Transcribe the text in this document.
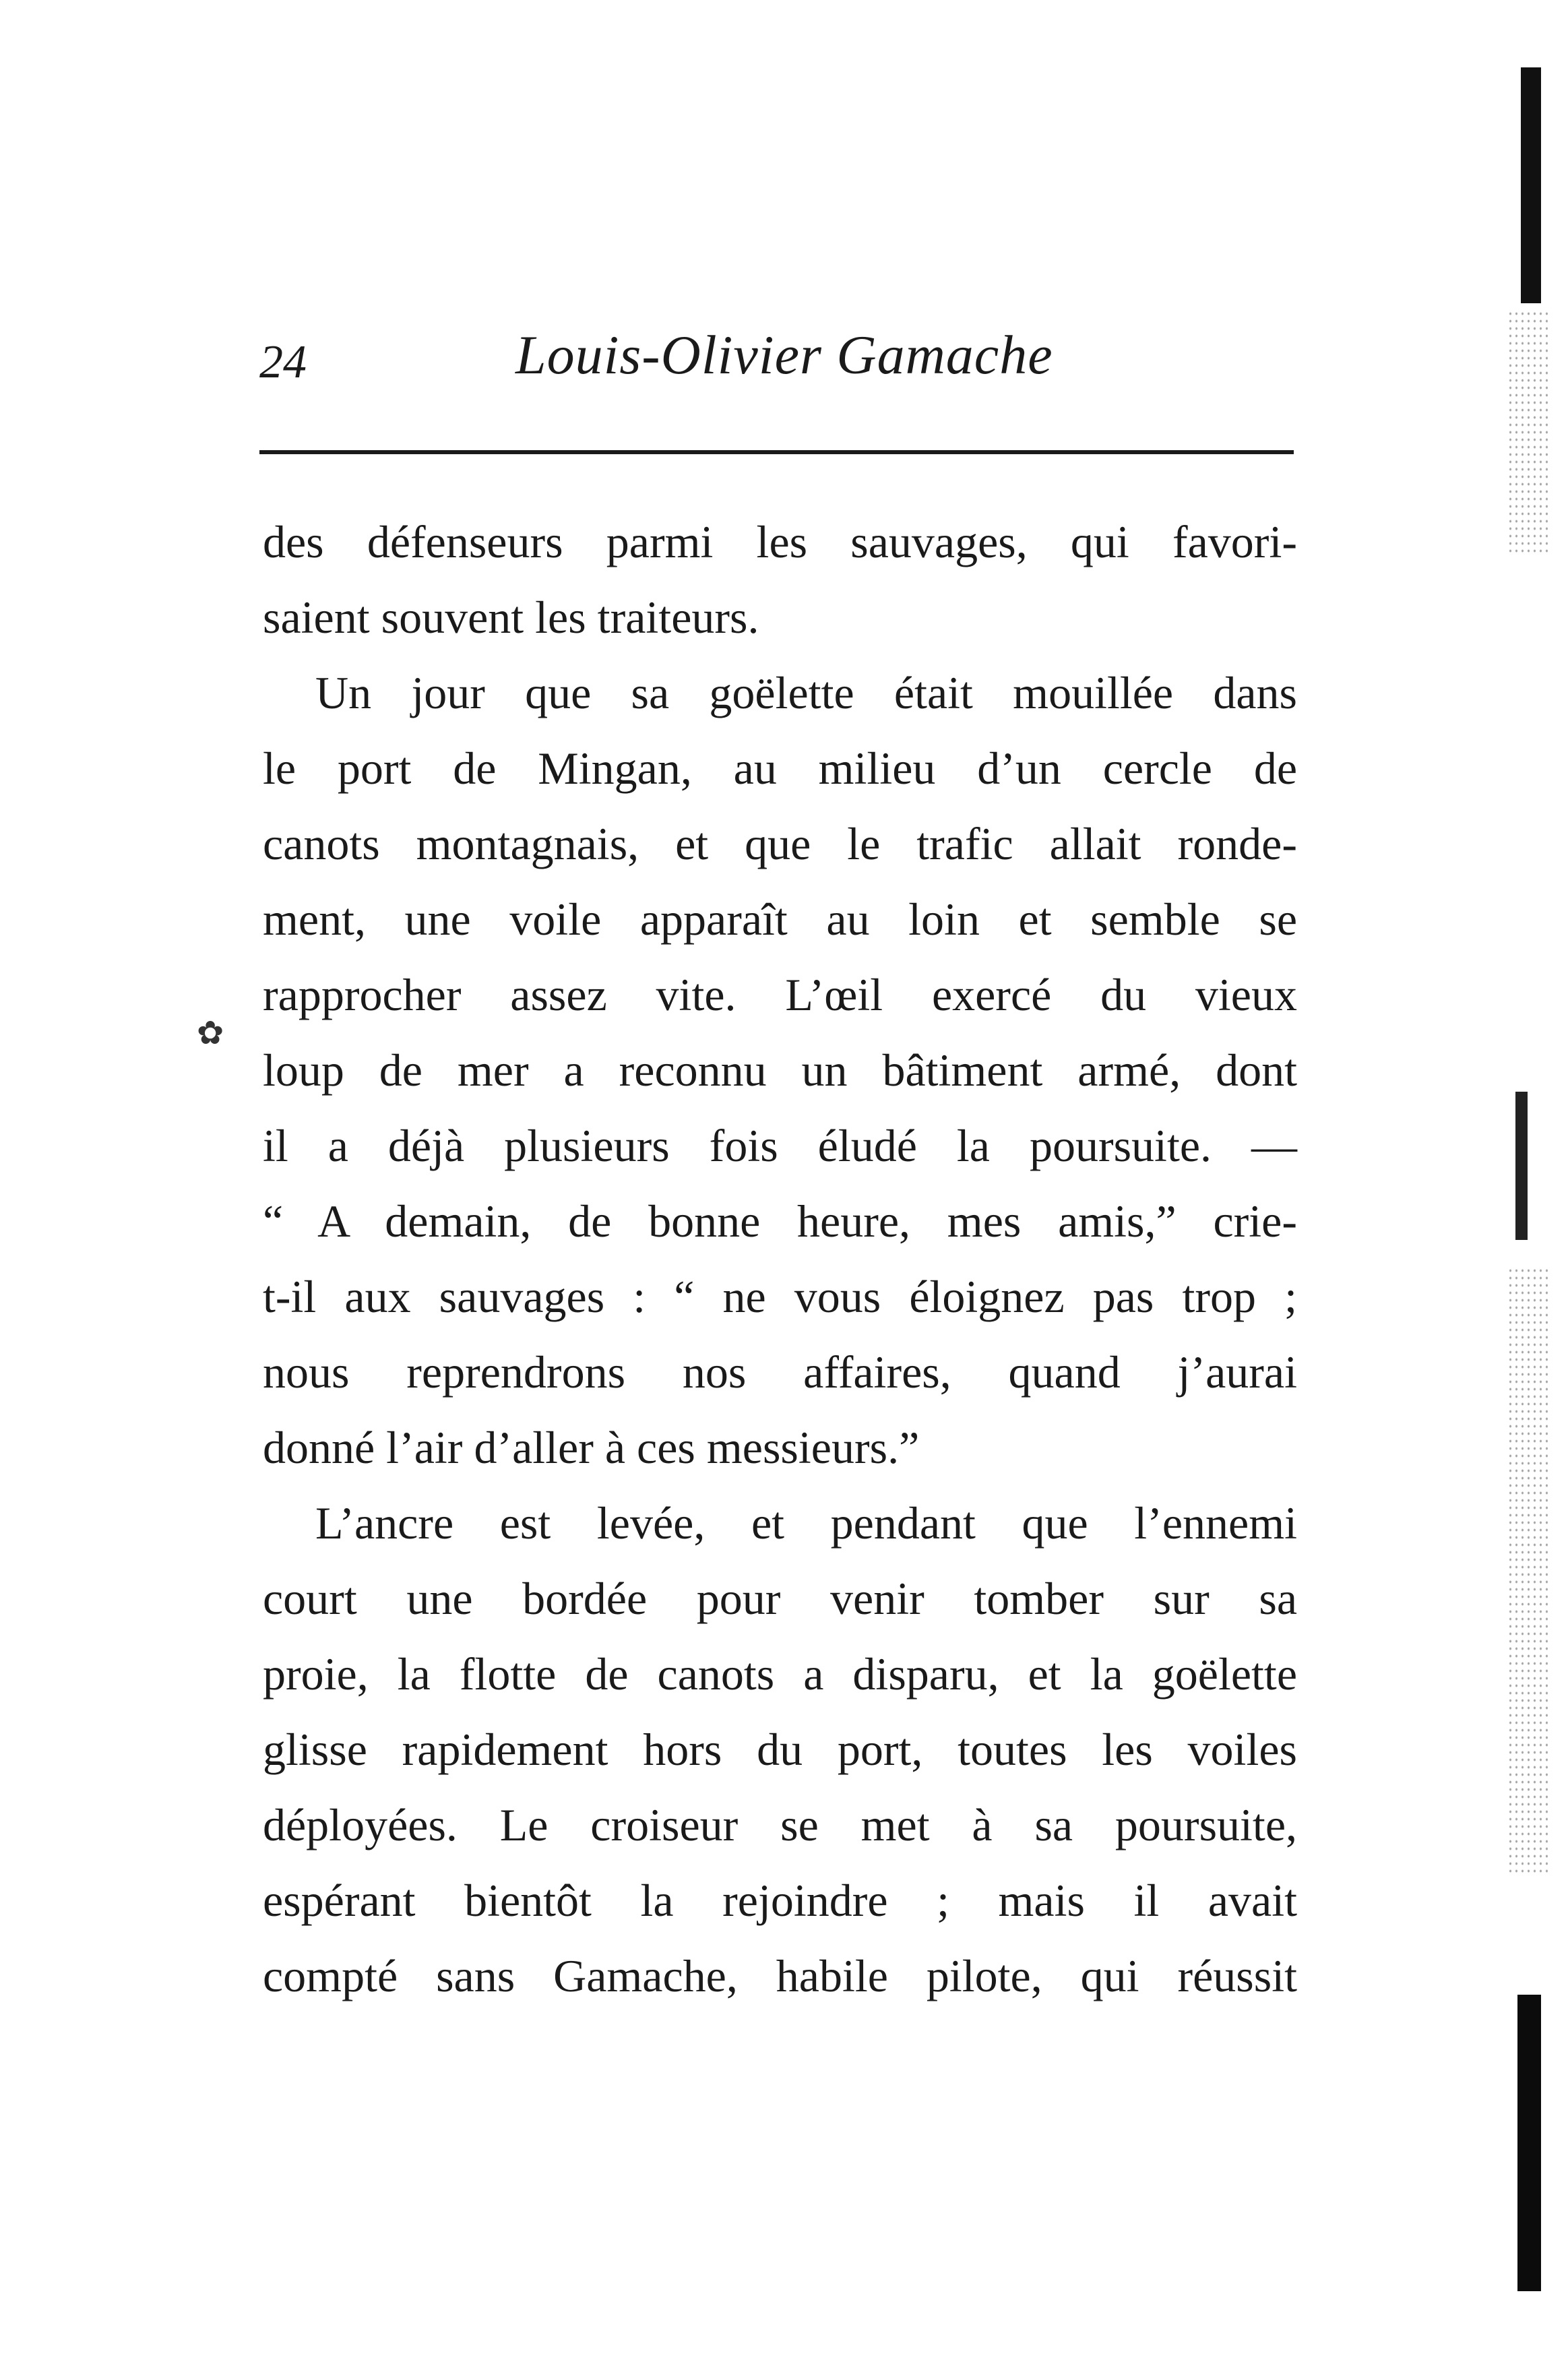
✿
24	Louis-Olivier Gamache
des défenseurs parmi les sauvages, qui favori-
saient souvent les traiteurs.
Un jour que sa goëlette était mouillée dans
le port de Mingan, au milieu d’un cercle de
canots montagnais, et que le trafic allait ronde-
ment, une voile apparaît au loin et semble se
rapprocher assez vite. L’œil exercé du vieux
loup de mer a reconnu un bâtiment armé, dont
il a déjà plusieurs fois éludé la poursuite. —
“ A demain, de bonne heure, mes amis,” crie-
t-il aux sauvages : “ ne vous éloignez pas trop ;
nous reprendrons nos affaires, quand j’aurai
donné l’air d’aller à ces messieurs.”
L’ancre est levée, et pendant que l’ennemi
court une bordée pour venir tomber sur sa
proie, la flotte de canots a disparu, et la goëlette
glisse rapidement hors du port, toutes les voiles
déployées. Le croiseur se met à sa poursuite,
espérant bientôt la rejoindre ; mais il avait
compté sans Gamache, habile pilote, qui réussit
